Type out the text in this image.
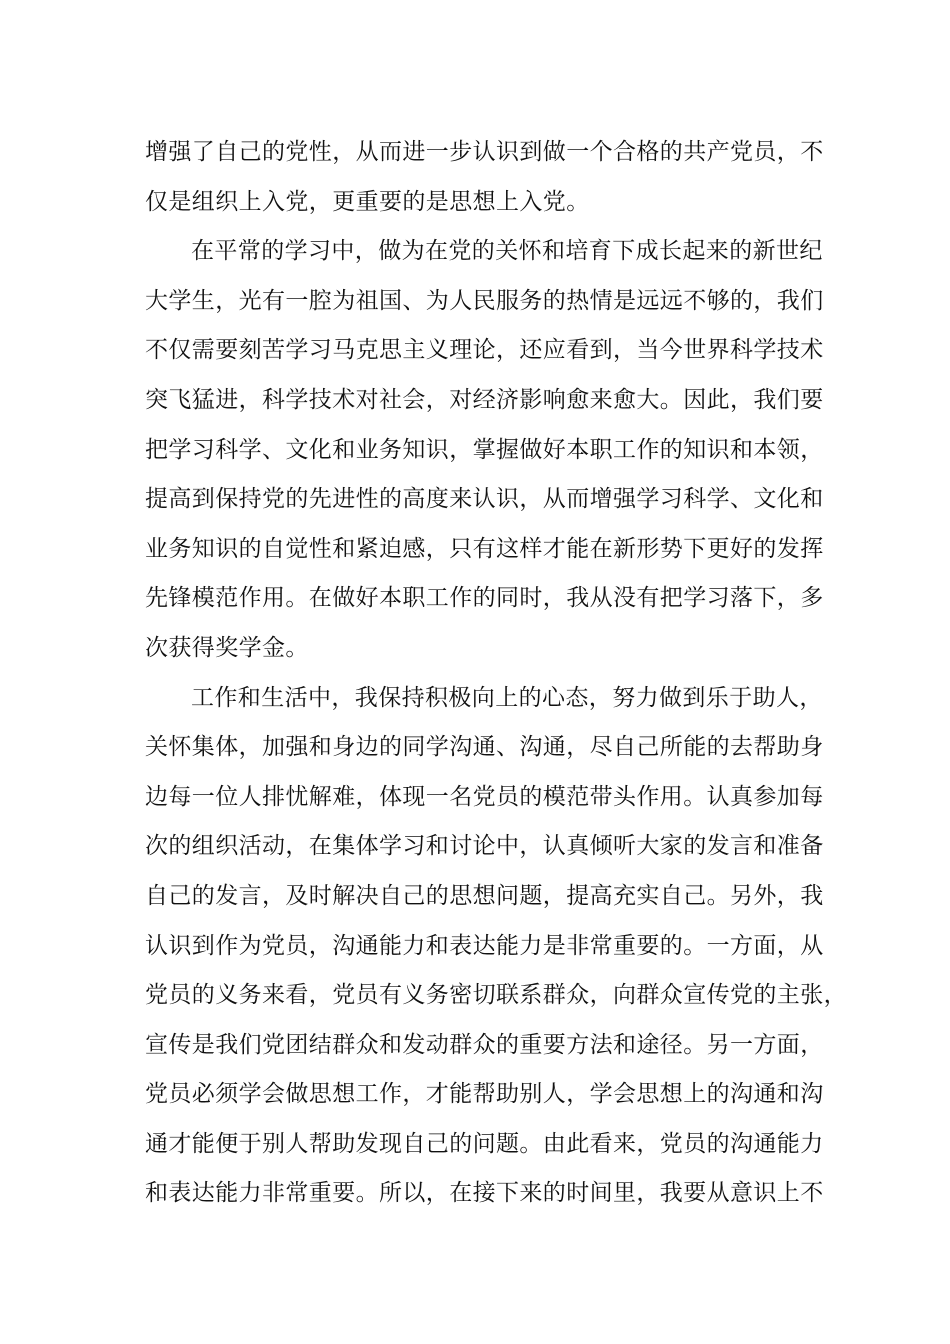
增强了自己的党性，从而进一步认识到做一个合格的共产党员，不
仅是组织上入党，更重要的是思想上入党。
在平常的学习中，做为在党的关怀和培育下成长起来的新世纪
大学生，光有一腔为祖国、为人民服务的热情是远远不够的，我们
不仅需要刻苦学习马克思主义理论，还应看到，当今世界科学技术
突飞猛进，科学技术对社会，对经济影响愈来愈大。因此，我们要
把学习科学、文化和业务知识，掌握做好本职工作的知识和本领，
提高到保持党的先进性的高度来认识，从而增强学习科学、文化和
业务知识的自觉性和紧迫感，只有这样才能在新形势下更好的发挥
先锋模范作用。在做好本职工作的同时，我从没有把学习落下，多
次获得奖学金。
工作和生活中，我保持积极向上的心态，努力做到乐于助人，
关怀集体，加强和身边的同学沟通、沟通，尽自己所能的去帮助身
边每一位人排忧解难，体现一名党员的模范带头作用。认真参加每
次的组织活动，在集体学习和讨论中，认真倾听大家的发言和准备
自己的发言，及时解决自己的思想问题，提高充实自己。另外，我
认识到作为党员，沟通能力和表达能力是非常重要的。一方面，从
党员的义务来看，党员有义务密切联系群众，向群众宣传党的主张，
宣传是我们党团结群众和发动群众的重要方法和途径。另一方面，
党员必须学会做思想工作，才能帮助别人，学会思想上的沟通和沟
通才能便于别人帮助发现自己的问题。由此看来，党员的沟通能力
和表达能力非常重要。所以，在接下来的时间里，我要从意识上不
